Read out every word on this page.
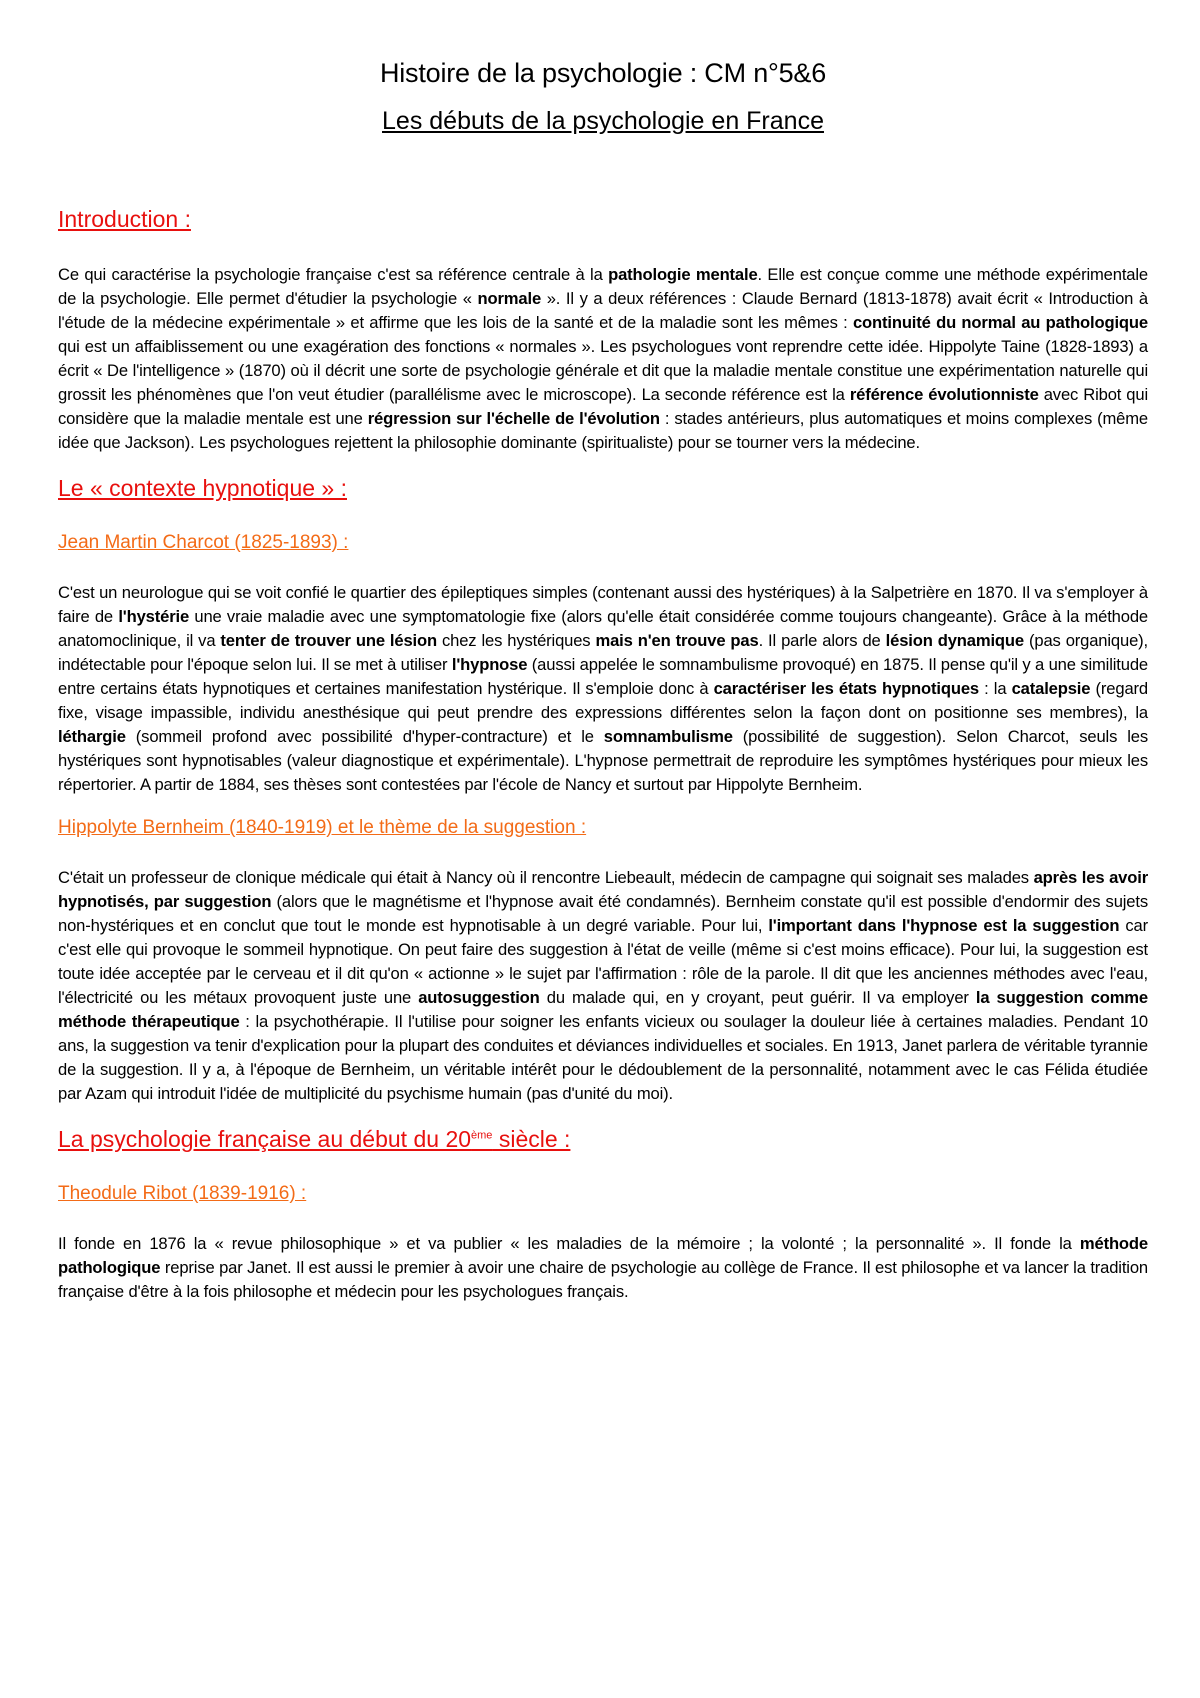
Histoire de la psychologie : CM n°5&6
Les débuts de la psychologie en France
Introduction :

Ce qui caractérise la psychologie française c'est sa référence centrale à la pathologie mentale. Elle est conçue comme une méthode expérimentale de la psychologie. Elle permet d'étudier la psychologie « normale ». Il y a deux références : Claude Bernard (1813-1878) avait écrit « Introduction à l'étude de la médecine expérimentale » et affirme que les lois de la santé et de la maladie sont les mêmes : continuité du normal au pathologique qui est un affaiblissement ou une exagération des fonctions « normales ». Les psychologues vont reprendre cette idée. Hippolyte Taine (1828-1893) a écrit « De l'intelligence » (1870) où il décrit une sorte de psychologie générale et dit que la maladie mentale constitue une expérimentation naturelle qui grossit les phénomènes que l'on veut étudier (parallélisme avec le microscope). La seconde référence est la référence évolutionniste avec Ribot qui considère que la maladie mentale est une régression sur l'échelle de l'évolution : stades antérieurs, plus automatiques et moins complexes (même idée que Jackson). Les psychologues rejettent la philosophie dominante (spiritualiste) pour se tourner vers la médecine.

Le « contexte hypnotique » :
Jean Martin Charcot (1825-1893) :

C'est un neurologue qui se voit confié le quartier des épileptiques simples (contenant aussi des hystériques) à la Salpetrière en 1870. Il va s'employer à faire de l'hystérie une vraie maladie avec une symptomatologie fixe (alors qu'elle était considérée comme toujours changeante). Grâce à la méthode anatomoclinique, il va tenter de trouver une lésion chez les hystériques mais n'en trouve pas. Il parle alors de lésion dynamique (pas organique), indétectable pour l'époque selon lui. Il se met à utiliser l'hypnose (aussi appelée le somnambulisme provoqué) en 1875. Il pense qu'il y a une similitude entre certains états hypnotiques et certaines manifestation hystérique. Il s'emploie donc à caractériser les états hypnotiques : la catalepsie (regard fixe, visage impassible, individu anesthésique qui peut prendre des expressions différentes selon la façon dont on positionne ses membres), la léthargie (sommeil profond avec possibilité d'hyper-contracture) et le somnambulisme (possibilité de suggestion). Selon Charcot, seuls les hystériques sont hypnotisables (valeur diagnostique et expérimentale). L'hypnose permettrait de reproduire les symptômes hystériques pour mieux les répertorier. A partir de 1884, ses thèses sont contestées par l'école de Nancy et surtout par Hippolyte Bernheim.

Hippolyte Bernheim (1840-1919) et le thème de la suggestion :

C'était un professeur de clonique médicale qui était à Nancy où il rencontre Liebeault, médecin de campagne qui soignait ses malades après les avoir hypnotisés, par suggestion (alors que le magnétisme et l'hypnose avait été condamnés). Bernheim constate qu'il est possible d'endormir des sujets non-hystériques et en conclut que tout le monde est hypnotisable à un degré variable. Pour lui, l'important dans l'hypnose est la suggestion car c'est elle qui provoque le sommeil hypnotique. On peut faire des suggestion à l'état de veille (même si c'est moins efficace). Pour lui, la suggestion est toute idée acceptée par le cerveau et il dit qu'on « actionne » le sujet par l'affirmation : rôle de la parole. Il dit que les anciennes méthodes avec l'eau, l'électricité ou les métaux provoquent juste une autosuggestion du malade qui, en y croyant, peut guérir. Il va employer la suggestion comme méthode thérapeutique : la psychothérapie. Il l'utilise pour soigner les enfants vicieux ou soulager la douleur liée à certaines maladies. Pendant 10 ans, la suggestion va tenir d'explication pour la plupart des conduites et déviances individuelles et sociales. En 1913, Janet parlera de véritable tyrannie de la suggestion. Il y a, à l'époque de Bernheim, un véritable intérêt pour le dédoublement de la personnalité, notamment avec le cas Félida étudiée par Azam qui introduit l'idée de multiplicité du psychisme humain (pas d'unité du moi).

La psychologie française au début du 20ème siècle :
Theodule Ribot (1839-1916) :

Il fonde en 1876 la « revue philosophique » et va publier « les maladies de la mémoire ; la volonté ; la personnalité ». Il fonde la méthode pathologique reprise par Janet. Il est aussi le premier à avoir une chaire de psychologie au collège de France. Il est philosophe et va lancer la tradition française d'être à la fois philosophe et médecin pour les psychologues français.
